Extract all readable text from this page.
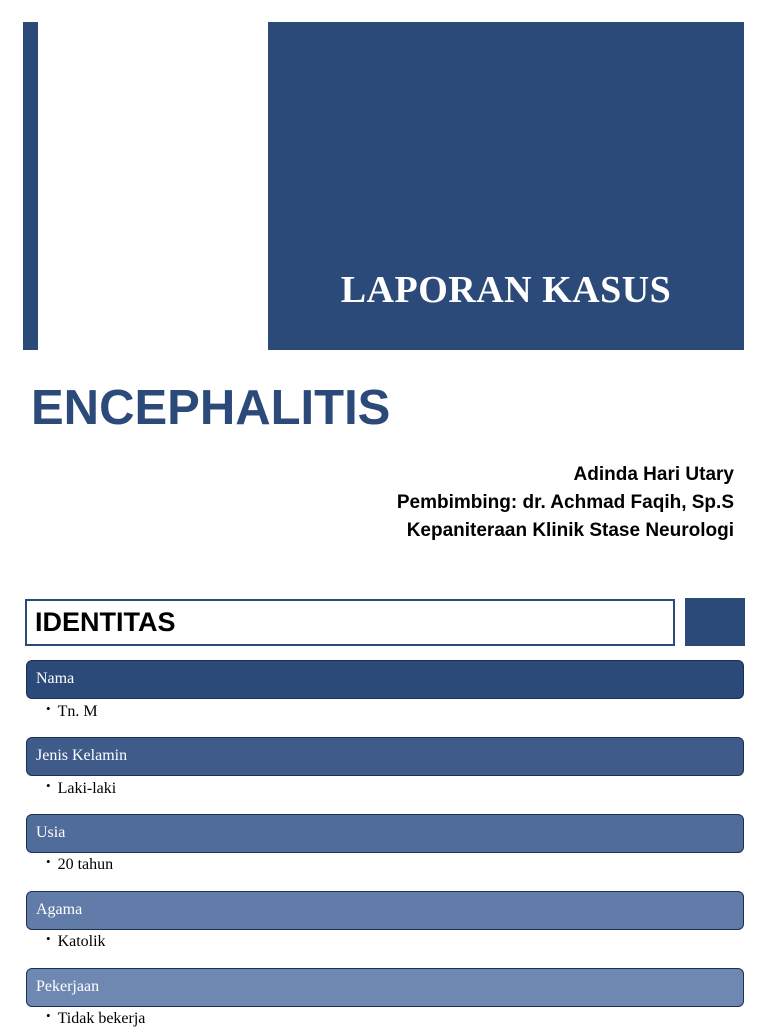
LAPORAN KASUS
ENCEPHALITIS
Adinda Hari Utary
Pembimbing: dr. Achmad Faqih, Sp.S
Kepaniteraan Klinik Stase Neurologi
IDENTITAS
Nama
• Tn. M
Jenis Kelamin
• Laki-laki
Usia
• 20 tahun
Agama
• Katolik
Pekerjaan
• Tidak bekerja
